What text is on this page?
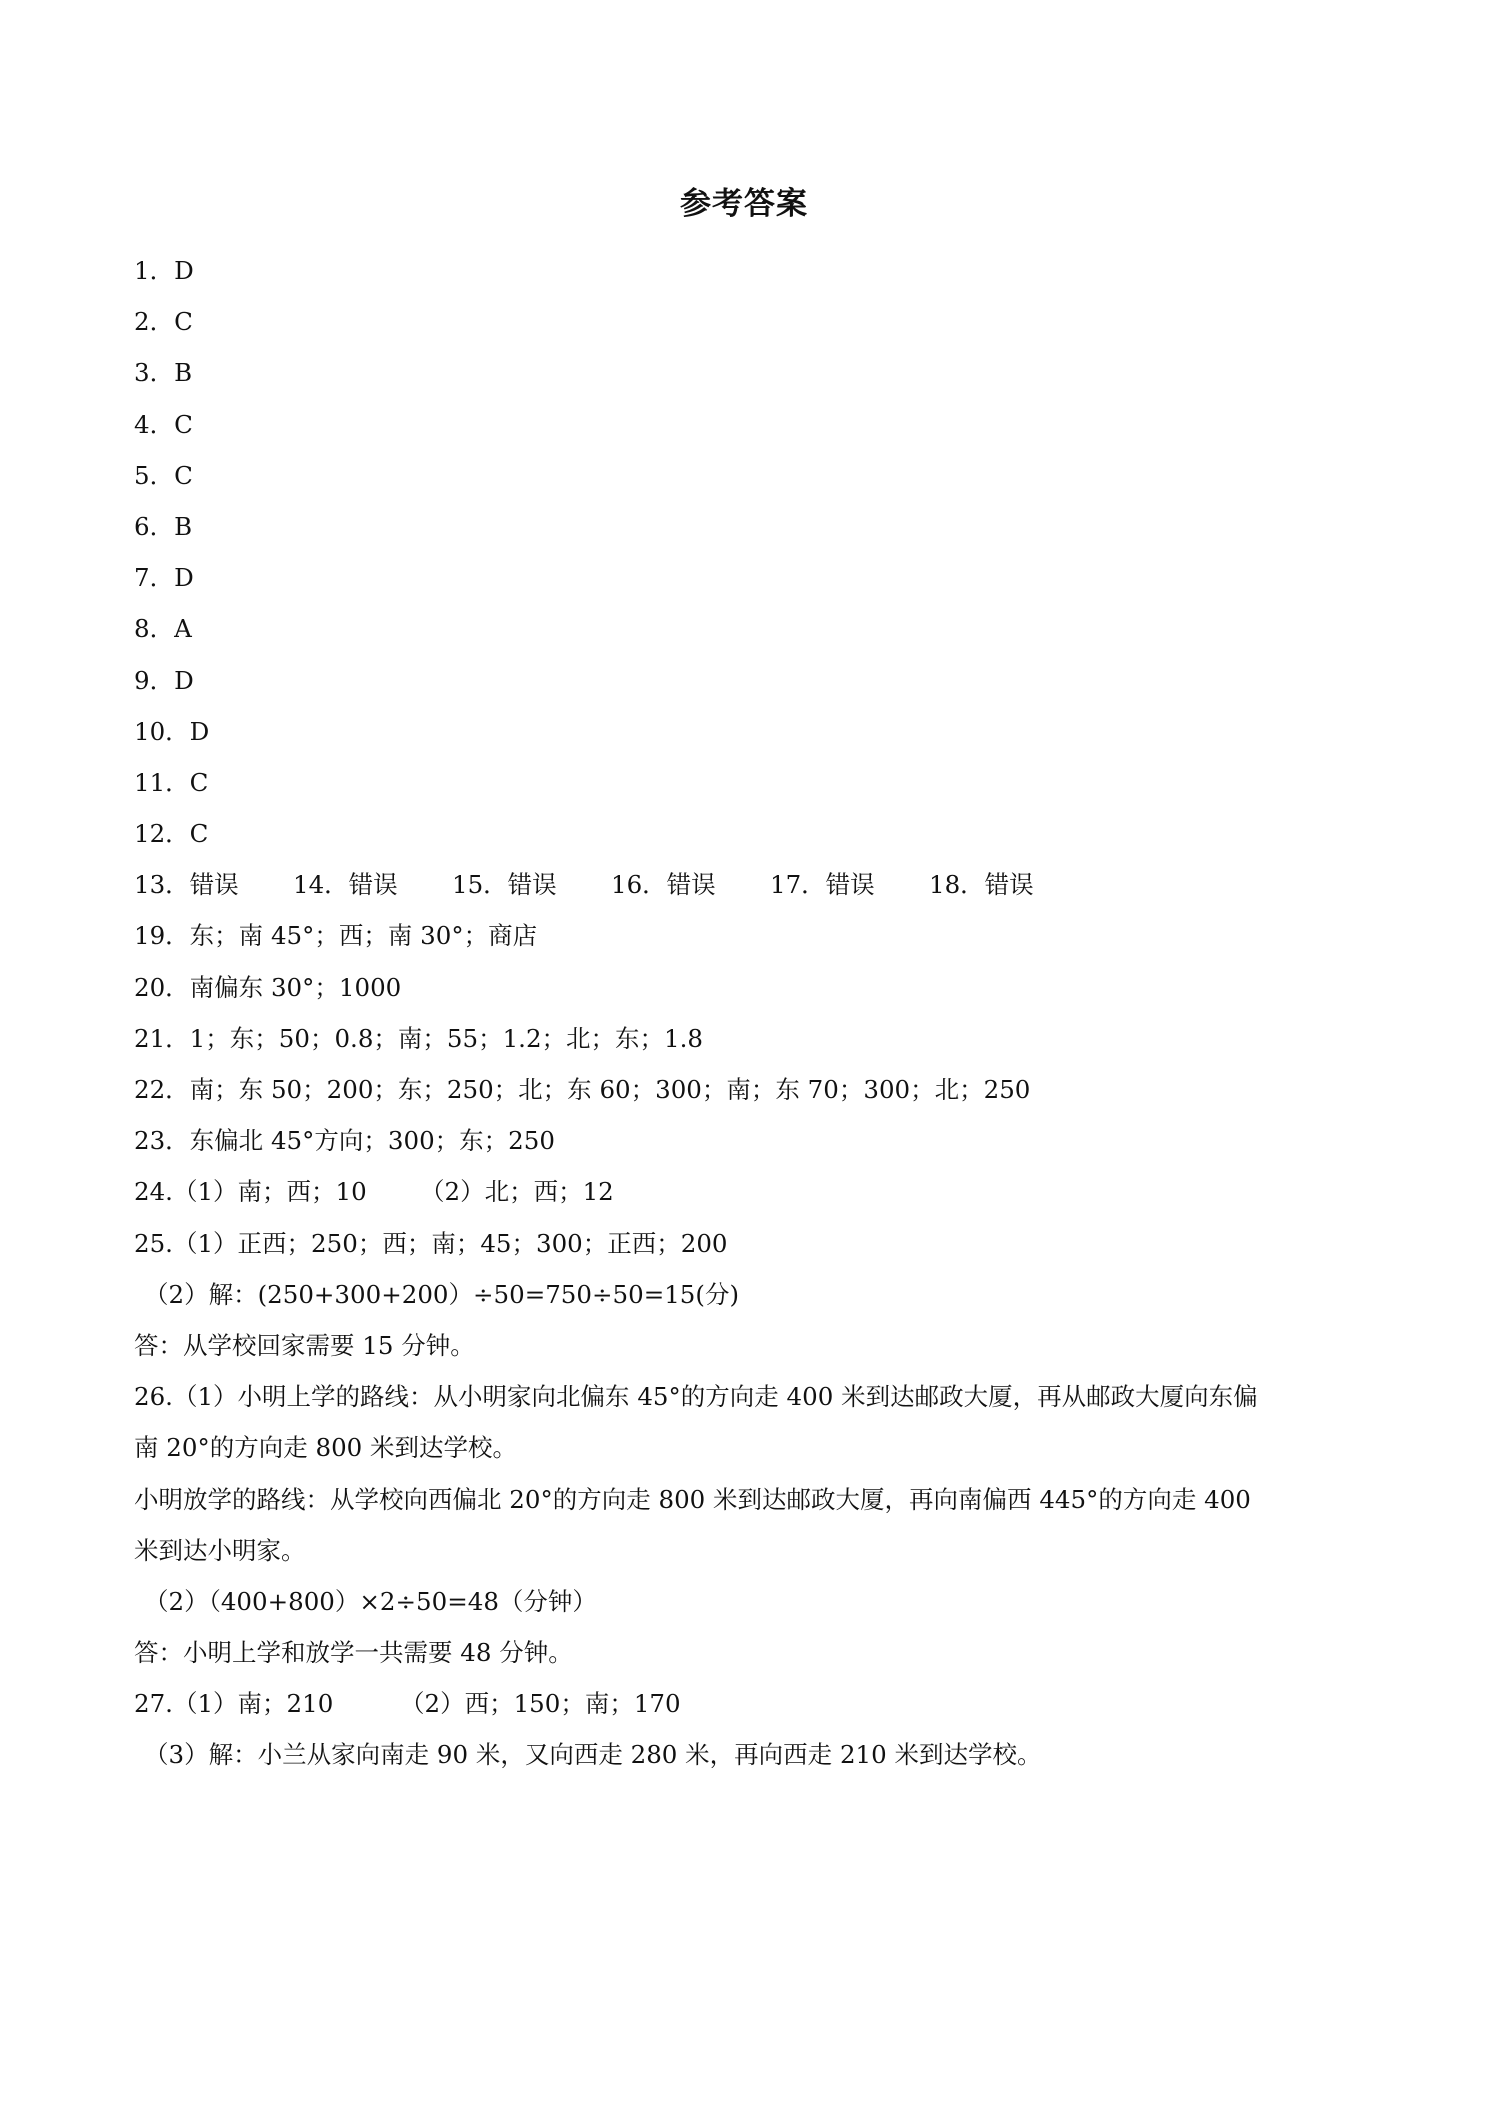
参考答案
1．D
2．C
3．B
4．C
5．C
6．B
7．D
8．A
9．D
10．D
11．C
12．C
13．错误 14．错误 15．错误 16．错误 17．错误 18．错误
19．东；南 45°；西；南 30°；商店
20．南偏东 30°；1000
21．1；东；50；0.8；南；55；1.2；北；东；1.8
22．南；东 50；200；东；250；北；东 60；300；南；东 70；300；北；250
23．东偏北 45°方向；300；东；250
24.（1）南；西；10 （2）北；西；12
25.（1）正西；250；西；南；45；300；正西；200
（2）解：(250+300+200）÷50=750÷50=15(分)
答：从学校回家需要 15 分钟。
26.（1）小明上学的路线：从小明家向北偏东 45°的方向走 400 米到达邮政大厦，再从邮政大厦向东偏
南 20°的方向走 800 米到达学校。
小明放学的路线：从学校向西偏北 20°的方向走 800 米到达邮政大厦，再向南偏西 445°的方向走 400
米到达小明家。
（2）（400+800）×2÷50=48（分钟）
答：小明上学和放学一共需要 48 分钟。
27.（1）南；210	（2）西；150；南；170
（3）解：小兰从家向南走 90 米，又向西走 280 米，再向西走 210 米到达学校。
